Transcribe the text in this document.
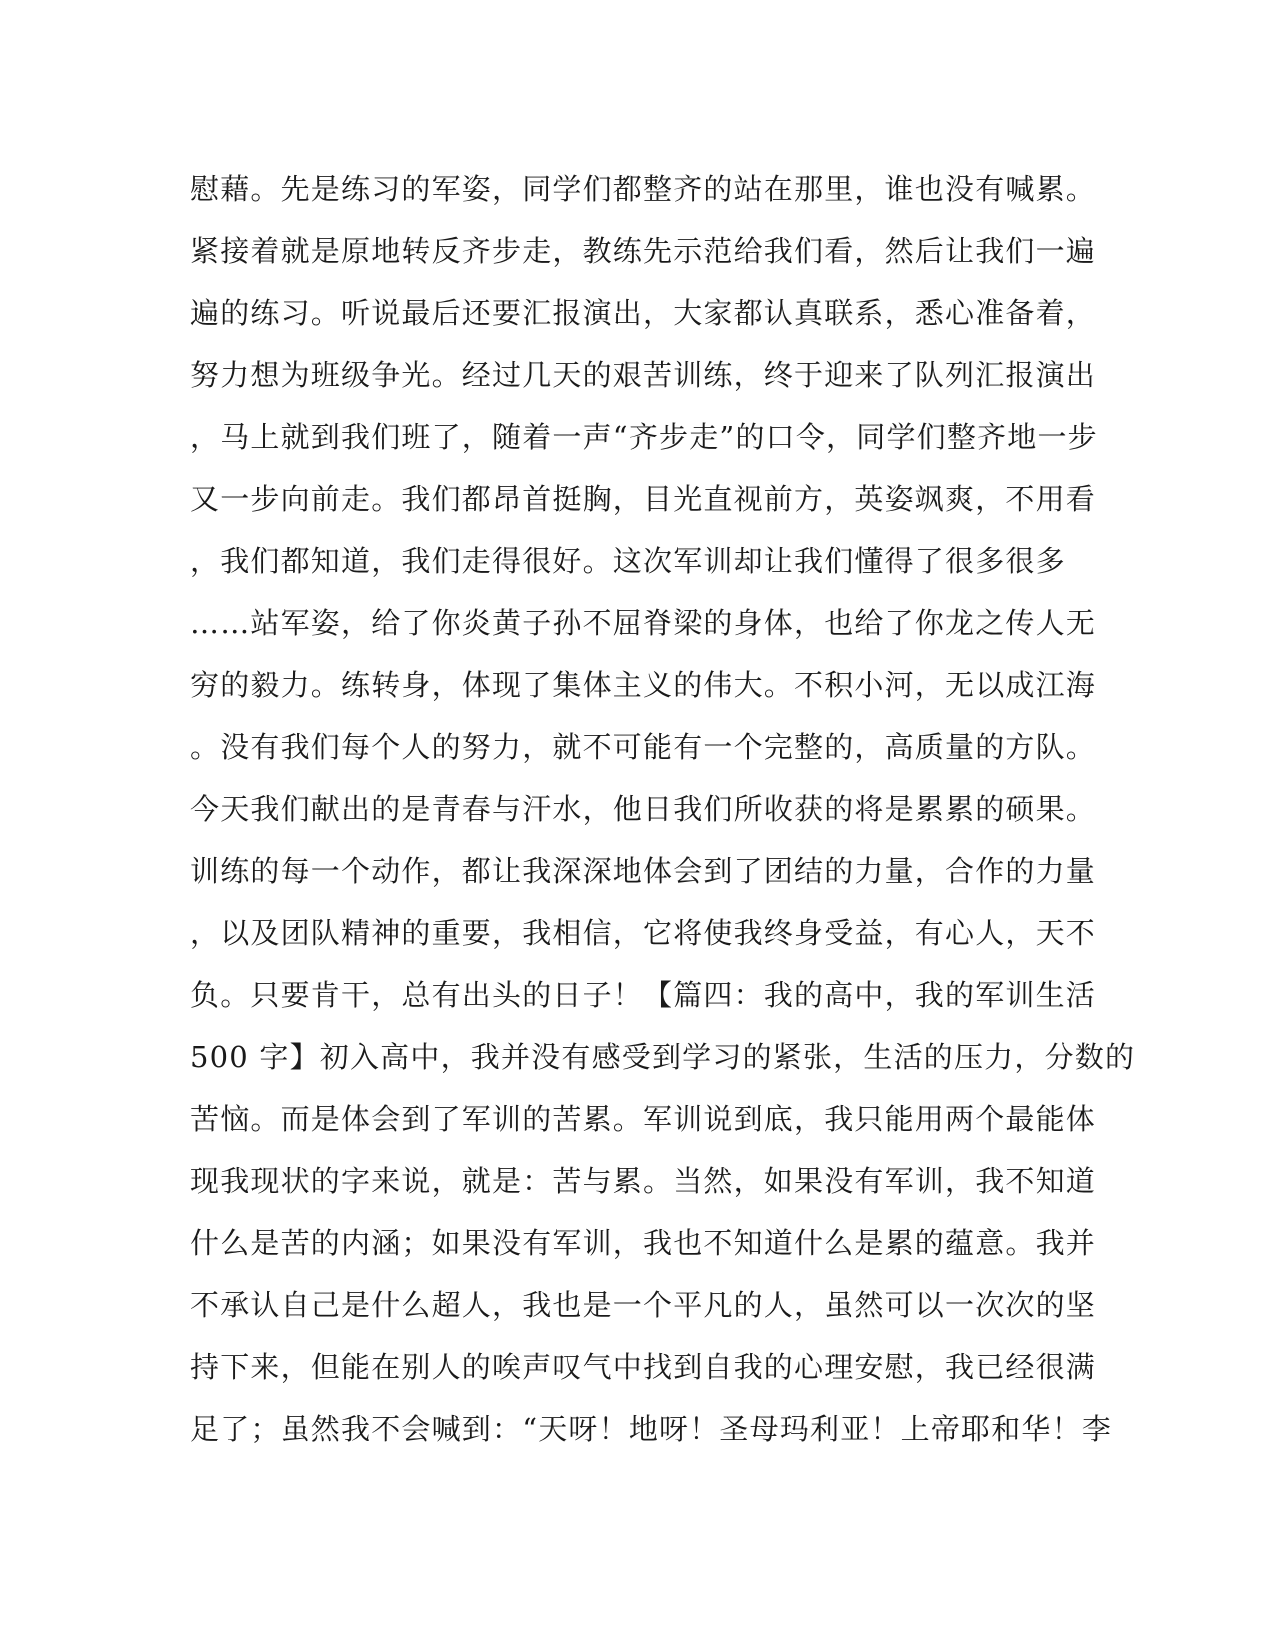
慰藉。先是练习的军姿，同学们都整齐的站在那里，谁也没有喊累。
紧接着就是原地转反齐步走，教练先示范给我们看，然后让我们一遍
遍的练习。听说最后还要汇报演出，大家都认真联系，悉心准备着，
努力想为班级争光。经过几天的艰苦训练，终于迎来了队列汇报演出
，马上就到我们班了，随着一声“齐步走”的口令，同学们整齐地一步
又一步向前走。我们都昂首挺胸，目光直视前方，英姿飒爽，不用看
，我们都知道，我们走得很好。这次军训却让我们懂得了很多很多
……站军姿，给了你炎黄子孙不屈脊梁的身体，也给了你龙之传人无
穷的毅力。练转身，体现了集体主义的伟大。不积小河，无以成江海
。没有我们每个人的努力，就不可能有一个完整的，高质量的方队。
今天我们献出的是青春与汗水，他日我们所收获的将是累累的硕果。
训练的每一个动作，都让我深深地体会到了团结的力量，合作的力量
，以及团队精神的重要，我相信，它将使我终身受益，有心人，天不
负。只要肯干，总有出头的日子！【篇四：我的高中，我的军训生活
500 字】初入高中，我并没有感受到学习的紧张，生活的压力，分数的
苦恼。而是体会到了军训的苦累。军训说到底，我只能用两个最能体
现我现状的字来说，就是：苦与累。当然，如果没有军训，我不知道
什么是苦的内涵；如果没有军训，我也不知道什么是累的蕴意。我并
不承认自己是什么超人，我也是一个平凡的人，虽然可以一次次的坚
持下来，但能在别人的唉声叹气中找到自我的心理安慰，我已经很满
足了；虽然我不会喊到：“天呀！地呀！圣母玛利亚！上帝耶和华！李
